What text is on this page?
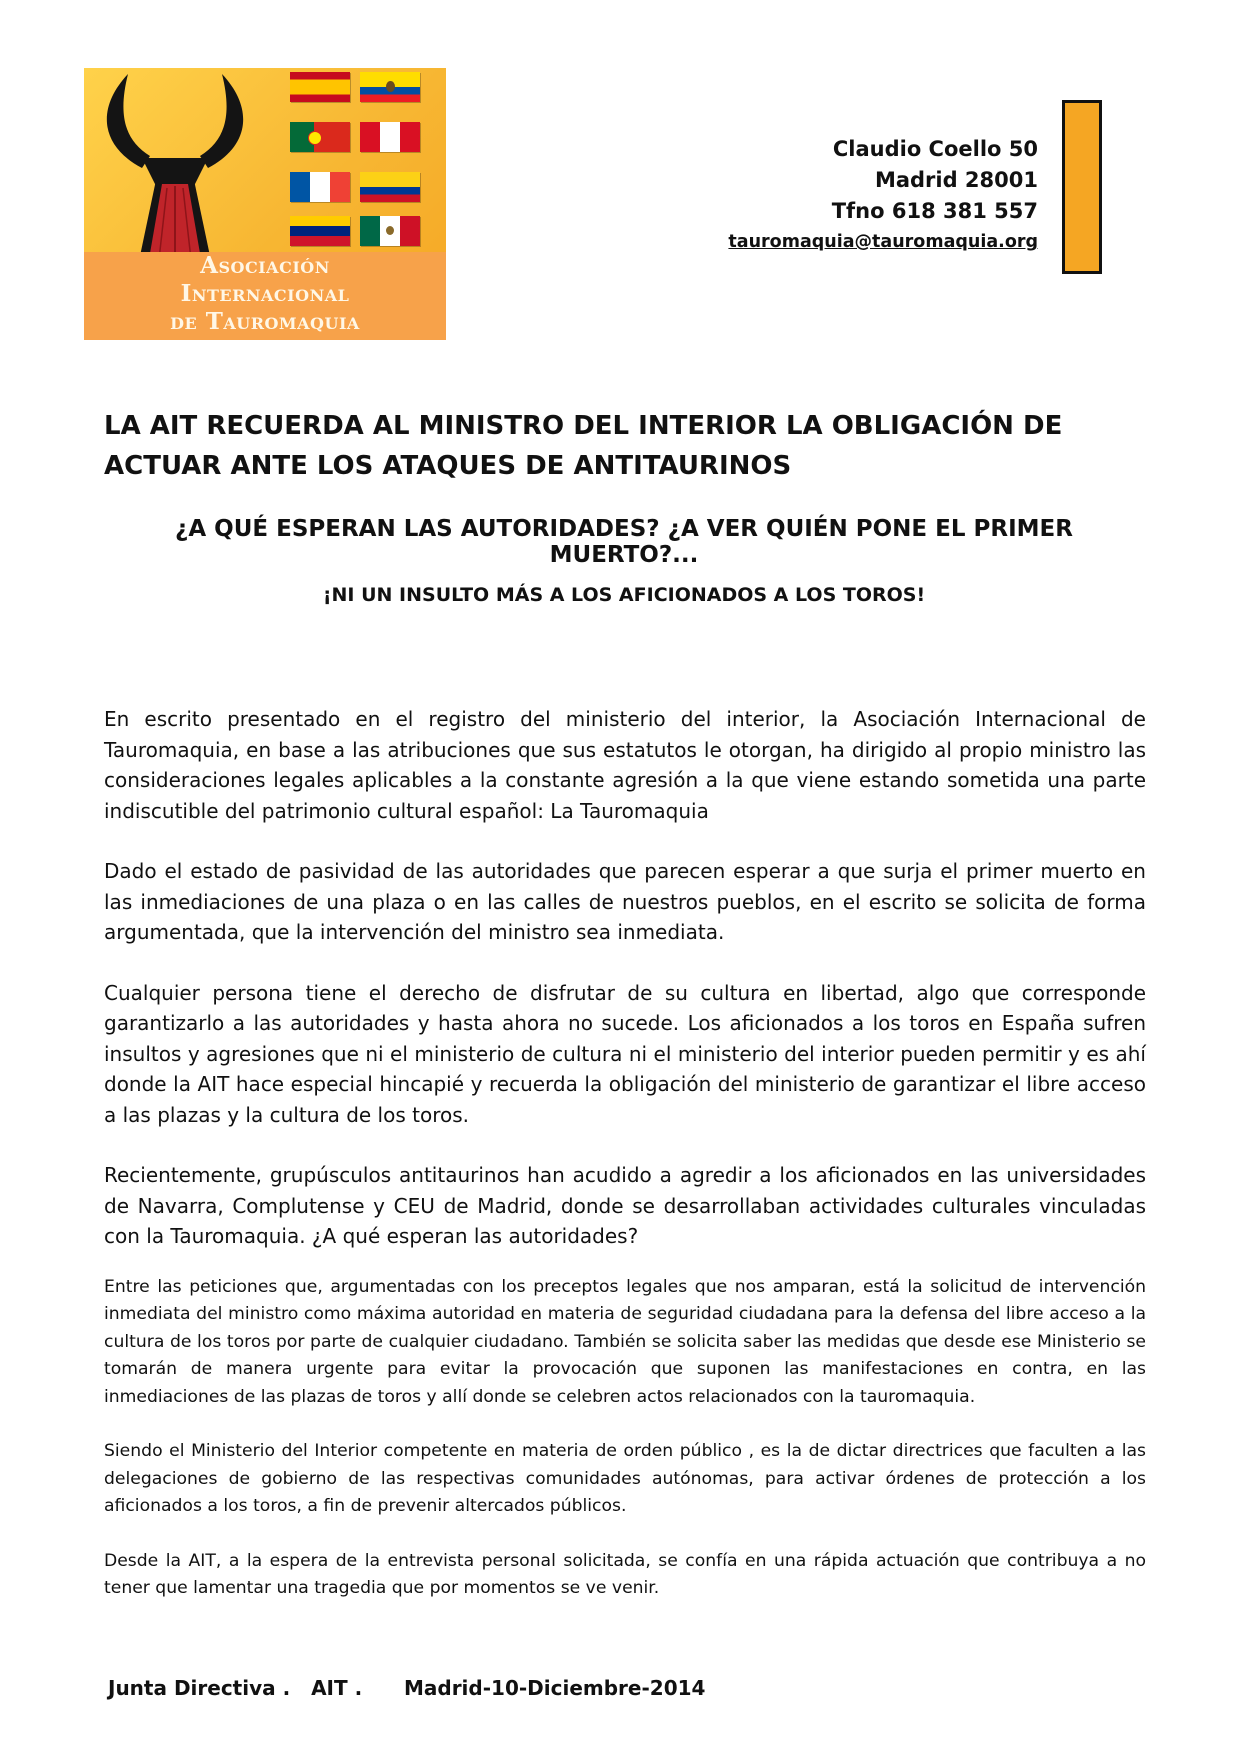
Asociación
Internacional
de Tauromaquia
Claudio Coello 50
Madrid 28001
Tfno 618 381 557
tauromaquia@tauromaquia.org
LA AIT RECUERDA AL MINISTRO DEL INTERIOR LA OBLIGACIÓN DE ACTUAR ANTE LOS ATAQUES DE ANTITAURINOS
¿A QUÉ ESPERAN LAS AUTORIDADES? ¿A VER QUIÉN PONE EL PRIMER MUERTO?...
¡NI UN INSULTO MÁS A LOS AFICIONADOS A LOS TOROS!

En escrito presentado en el registro del ministerio del interior, la Asociación Internacional de Tauromaquia, en base a las atribuciones que sus estatutos le otorgan, ha dirigido al propio ministro las consideraciones legales aplicables a la constante agresión a la que viene estando sometida una parte indiscutible del patrimonio cultural español: La Tauromaquia

Dado el estado de pasividad de las autoridades que parecen esperar a que surja el primer muerto en las inmediaciones de una plaza o en las calles de nuestros pueblos, en el escrito se solicita de forma argumentada, que la intervención del ministro sea inmediata.

Cualquier persona tiene el derecho de disfrutar de su cultura en libertad, algo que corresponde garantizarlo a las autoridades y hasta ahora no sucede. Los aficionados a los toros en España sufren insultos y agresiones que ni el ministerio de cultura ni el ministerio del interior pueden permitir y es ahí donde la AIT hace especial hincapié y recuerda la obligación del ministerio de garantizar el libre acceso a las plazas y la cultura de los toros.

Recientemente, grupúsculos antitaurinos han acudido a agredir a los aficionados en las universidades de Navarra, Complutense y CEU de Madrid, donde se desarrollaban actividades culturales vinculadas con la Tauromaquia. ¿A qué esperan las autoridades?

Entre las peticiones que, argumentadas con los preceptos legales que nos amparan, está la solicitud de intervención inmediata del ministro como máxima autoridad en materia de seguridad ciudadana para la defensa del libre acceso a la cultura de los toros por parte de cualquier ciudadano. También se solicita saber las medidas que desde ese Ministerio se tomarán de manera urgente para evitar la provocación que suponen las manifestaciones en contra, en las inmediaciones de las plazas de toros y allí donde se celebren actos relacionados con la tauromaquia.

Siendo el Ministerio del Interior competente en materia de orden público , es la de dictar directrices que faculten a las delegaciones de gobierno de las respectivas comunidades autónomas, para activar órdenes de protección a los aficionados a los toros, a fin de prevenir altercados públicos.

Desde la AIT, a la espera de la entrevista personal solicitada, se confía en una rápida actuación que contribuya a no tener que lamentar una tragedia que por momentos se ve venir.

Junta Directiva .   AIT .      Madrid-10-Diciembre-2014
